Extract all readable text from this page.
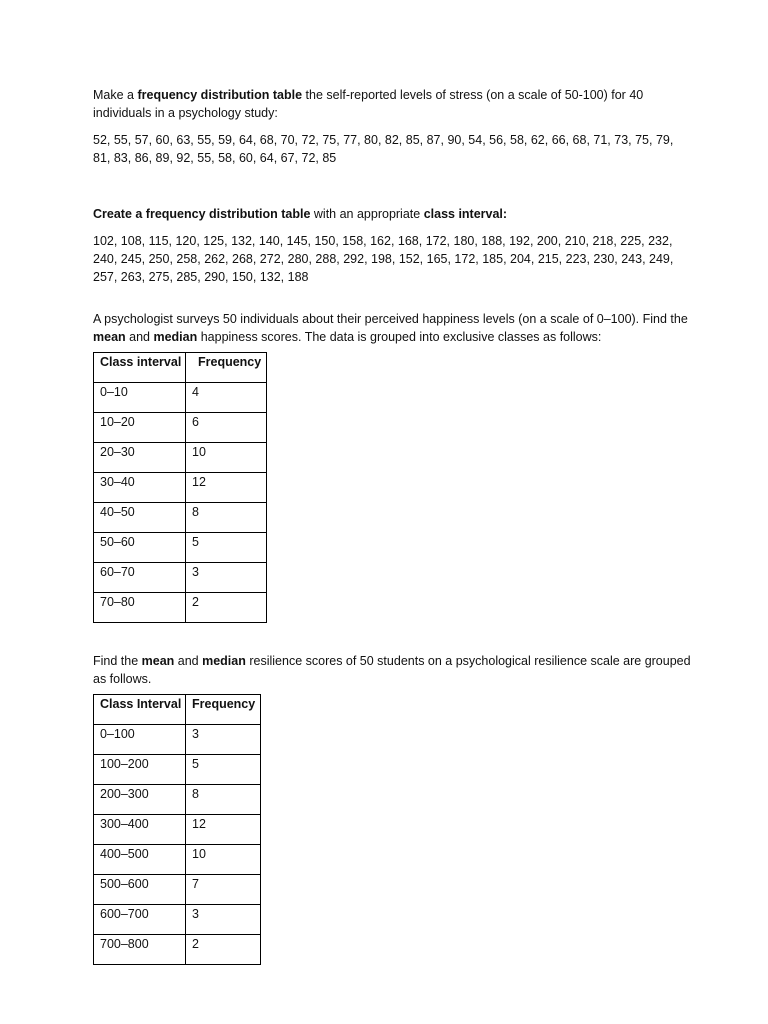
Make a frequency distribution table the self-reported levels of stress (on a scale of 50-100) for 40 individuals in a psychology study:

52, 55, 57, 60, 63, 55, 59, 64, 68, 70, 72, 75, 77, 80, 82, 85, 87, 90, 54, 56, 58, 62, 66, 68, 71, 73, 75, 79, 81, 83, 86, 89, 92, 55, 58, 60, 64, 67, 72, 85

Create a frequency distribution table with an appropriate class interval:

102, 108, 115, 120, 125, 132, 140, 145, 150, 158, 162, 168, 172, 180, 188, 192, 200, 210, 218, 225, 232, 240, 245, 250, 258, 262, 268, 272, 280, 288, 292, 198, 152, 165, 172, 185, 204, 215, 223, 230, 243, 249, 257, 263, 275, 285, 290, 150, 132, 188

A psychologist surveys 50 individuals about their perceived happiness levels (on a scale of 0–100). Find the mean and median happiness scores. The data is grouped into exclusive classes as follows:

Class interval	Frequency
0–10	4
10–20	6
20–30	10
30–40	12
40–50	8
50–60	5
60–70	3
70–80	2

Find the mean and median resilience scores of 50 students on a psychological resilience scale are grouped as follows.

Class Interval	Frequency
0–100	3
100–200	5
200–300	8
300–400	12
400–500	10
500–600	7
600–700	3
700–800	2
